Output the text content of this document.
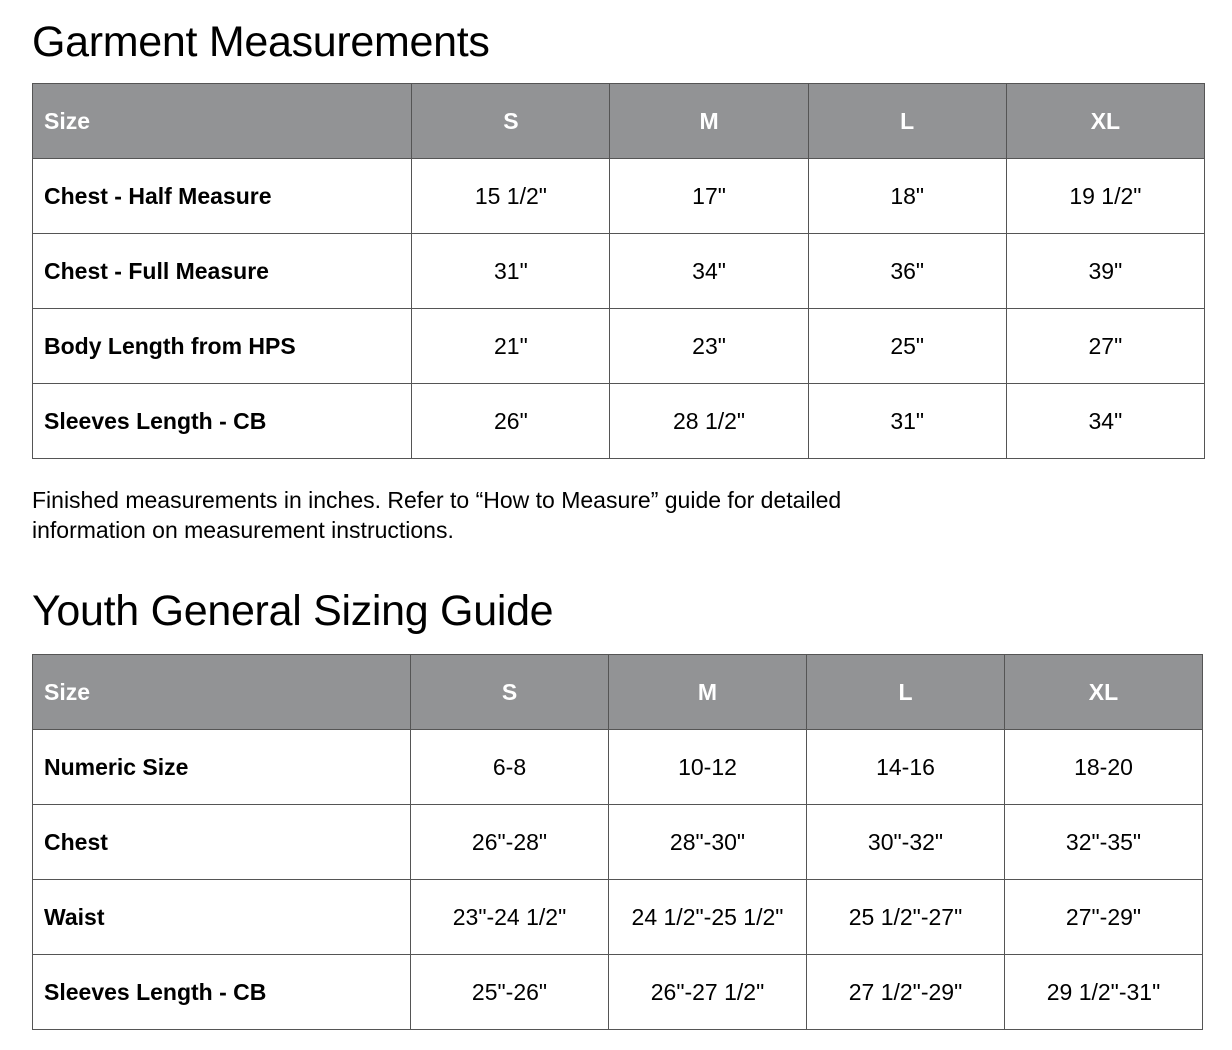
Garment Measurements
Size	S	M	L	XL
Chest - Half Measure	15 1/2"	17"	18"	19 1/2"
Chest - Full Measure	31"	34"	36"	39"
Body Length from HPS	21"	23"	25"	27"
Sleeves Length - CB	26"	28 1/2"	31"	34"

Finished measurements in inches. Refer to “How to Measure” guide for detailed information on measurement instructions.

Youth General Sizing Guide
Size	S	M	L	XL
Numeric Size	6-8	10-12	14-16	18-20
Chest	26"-28"	28"-30"	30"-32"	32"-35"
Waist	23"-24 1/2"	24 1/2"-25 1/2"	25 1/2"-27"	27"-29"
Sleeves Length - CB	25"-26"	26"-27 1/2"	27 1/2"-29"	29 1/2"-31"
